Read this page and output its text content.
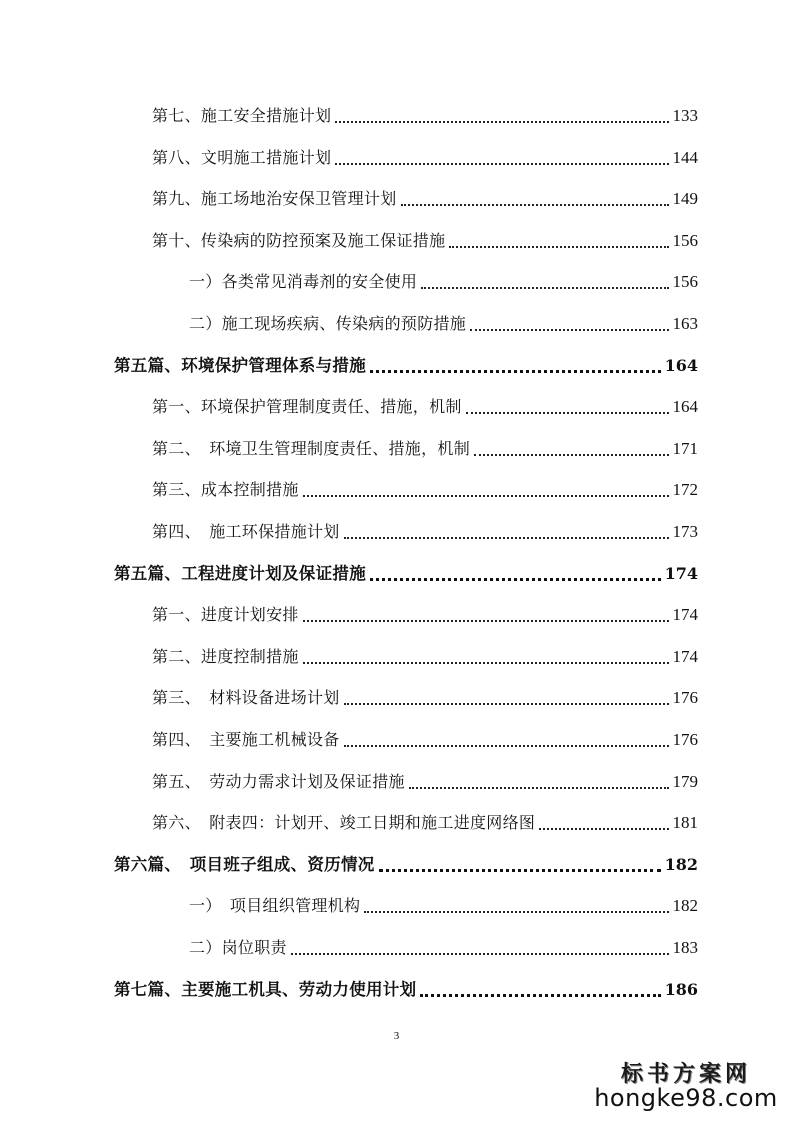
第七、施工安全措施计划	133
第八、文明施工措施计划	144
第九、施工场地治安保卫管理计划	149
第十、传染病的防控预案及施工保证措施	156
一）各类常见消毒剂的安全使用	156
二）施工现场疾病、传染病的预防措施	163
第五篇、环境保护管理体系与措施	164
第一、环境保护管理制度责任、措施，机制	164
第二、　环境卫生管理制度责任、措施，机制	171
第三、成本控制措施	172
第四、　施工环保措施计划	173
第五篇、工程进度计划及保证措施	174
第一、进度计划安排	174
第二、进度控制措施	174
第三、　材料设备进场计划	176
第四、　主要施工机械设备	176
第五、　劳动力需求计划及保证措施	179
第六、　附表四：计划开、竣工日期和施工进度网络图	181
第六篇、　项目班子组成、资历情况	182
一）　项目组织管理机构	182
二）岗位职责	183
第七篇、主要施工机具、劳动力使用计划	186
3
标书方案网
hongke98.com
